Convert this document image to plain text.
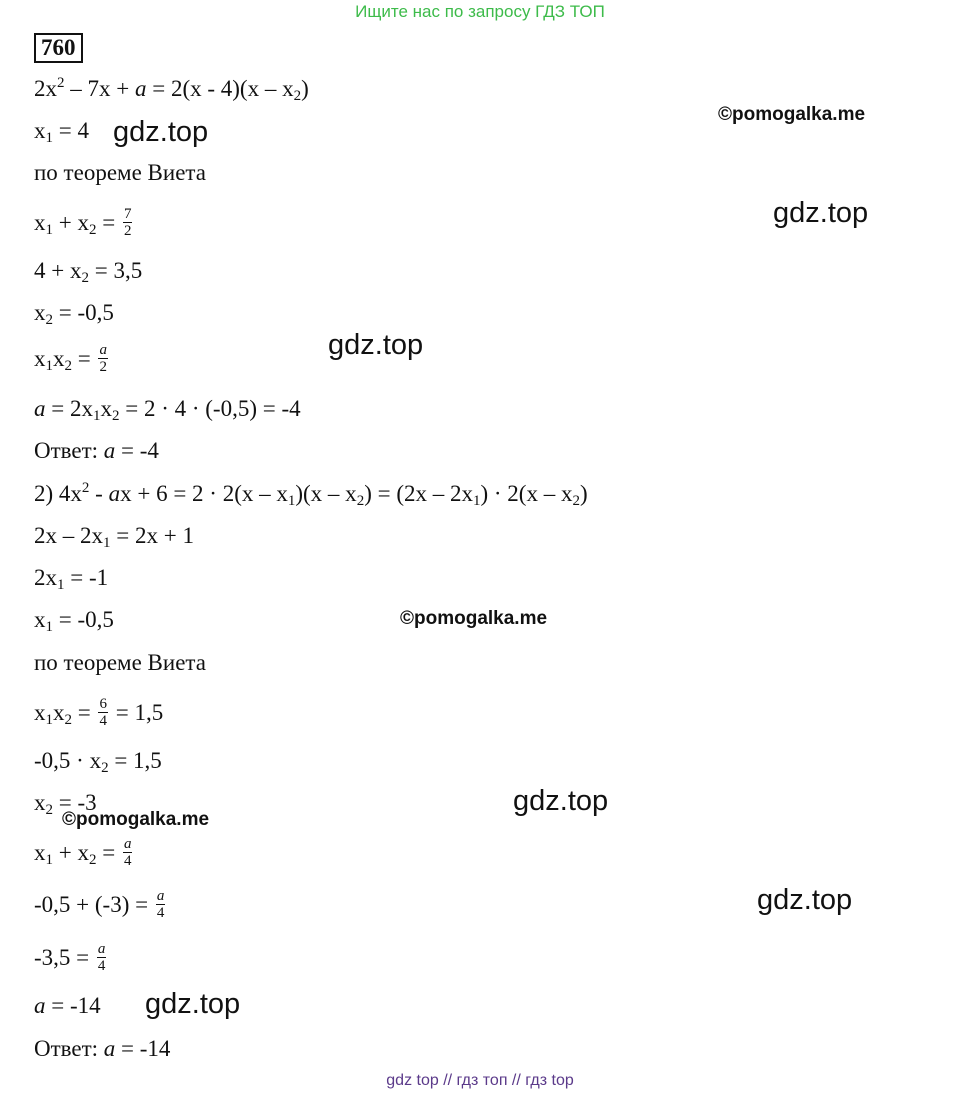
Ищите нас по запросу ГДЗ ТОП
760
$2x^2 - 7x + a = 2(x - 4)(x - x_2)$
$x_1 = 4$
по теореме Виета
$x_1 + x_2 = \frac{7}{2}$
$4 + x_2 = 3,5$
$x_2 = -0,5$
$x_1x_2 = \frac{a}{2}$
$a = 2x_1x_2 = 2 \cdot 4 \cdot (-0,5) = -4$
Ответ: a = -4
2) $4x^2$ - ax + $6 = 2 \cdot 2(x - x_1)(x - x_2) = (2x - 2x_1) \cdot 2(x - x_2)$
$2x - 2x_1 = 2x + 1$
$2x_1 = -1$
$x_1 = -0,5$
по теореме Виета
$x_1x_2 = \frac{6}{4} = 1,5$
$-0,5 \cdot x_2 = 1,5$
$x_2 = -3$
$x_1 + x_2 = \frac{a}{4}$
$-0,5 + (-3) = \frac{a}{4}$
$-3,5 = \frac{a}{4}$
a = -14
Ответ: a = -14
gdz.top
©pomogalka.me
gdz.top
gdz.top
©pomogalka.me
gdz.top
©pomogalka.me
gdz.top
gdz.top
gdz top // гдз топ // гдз top
